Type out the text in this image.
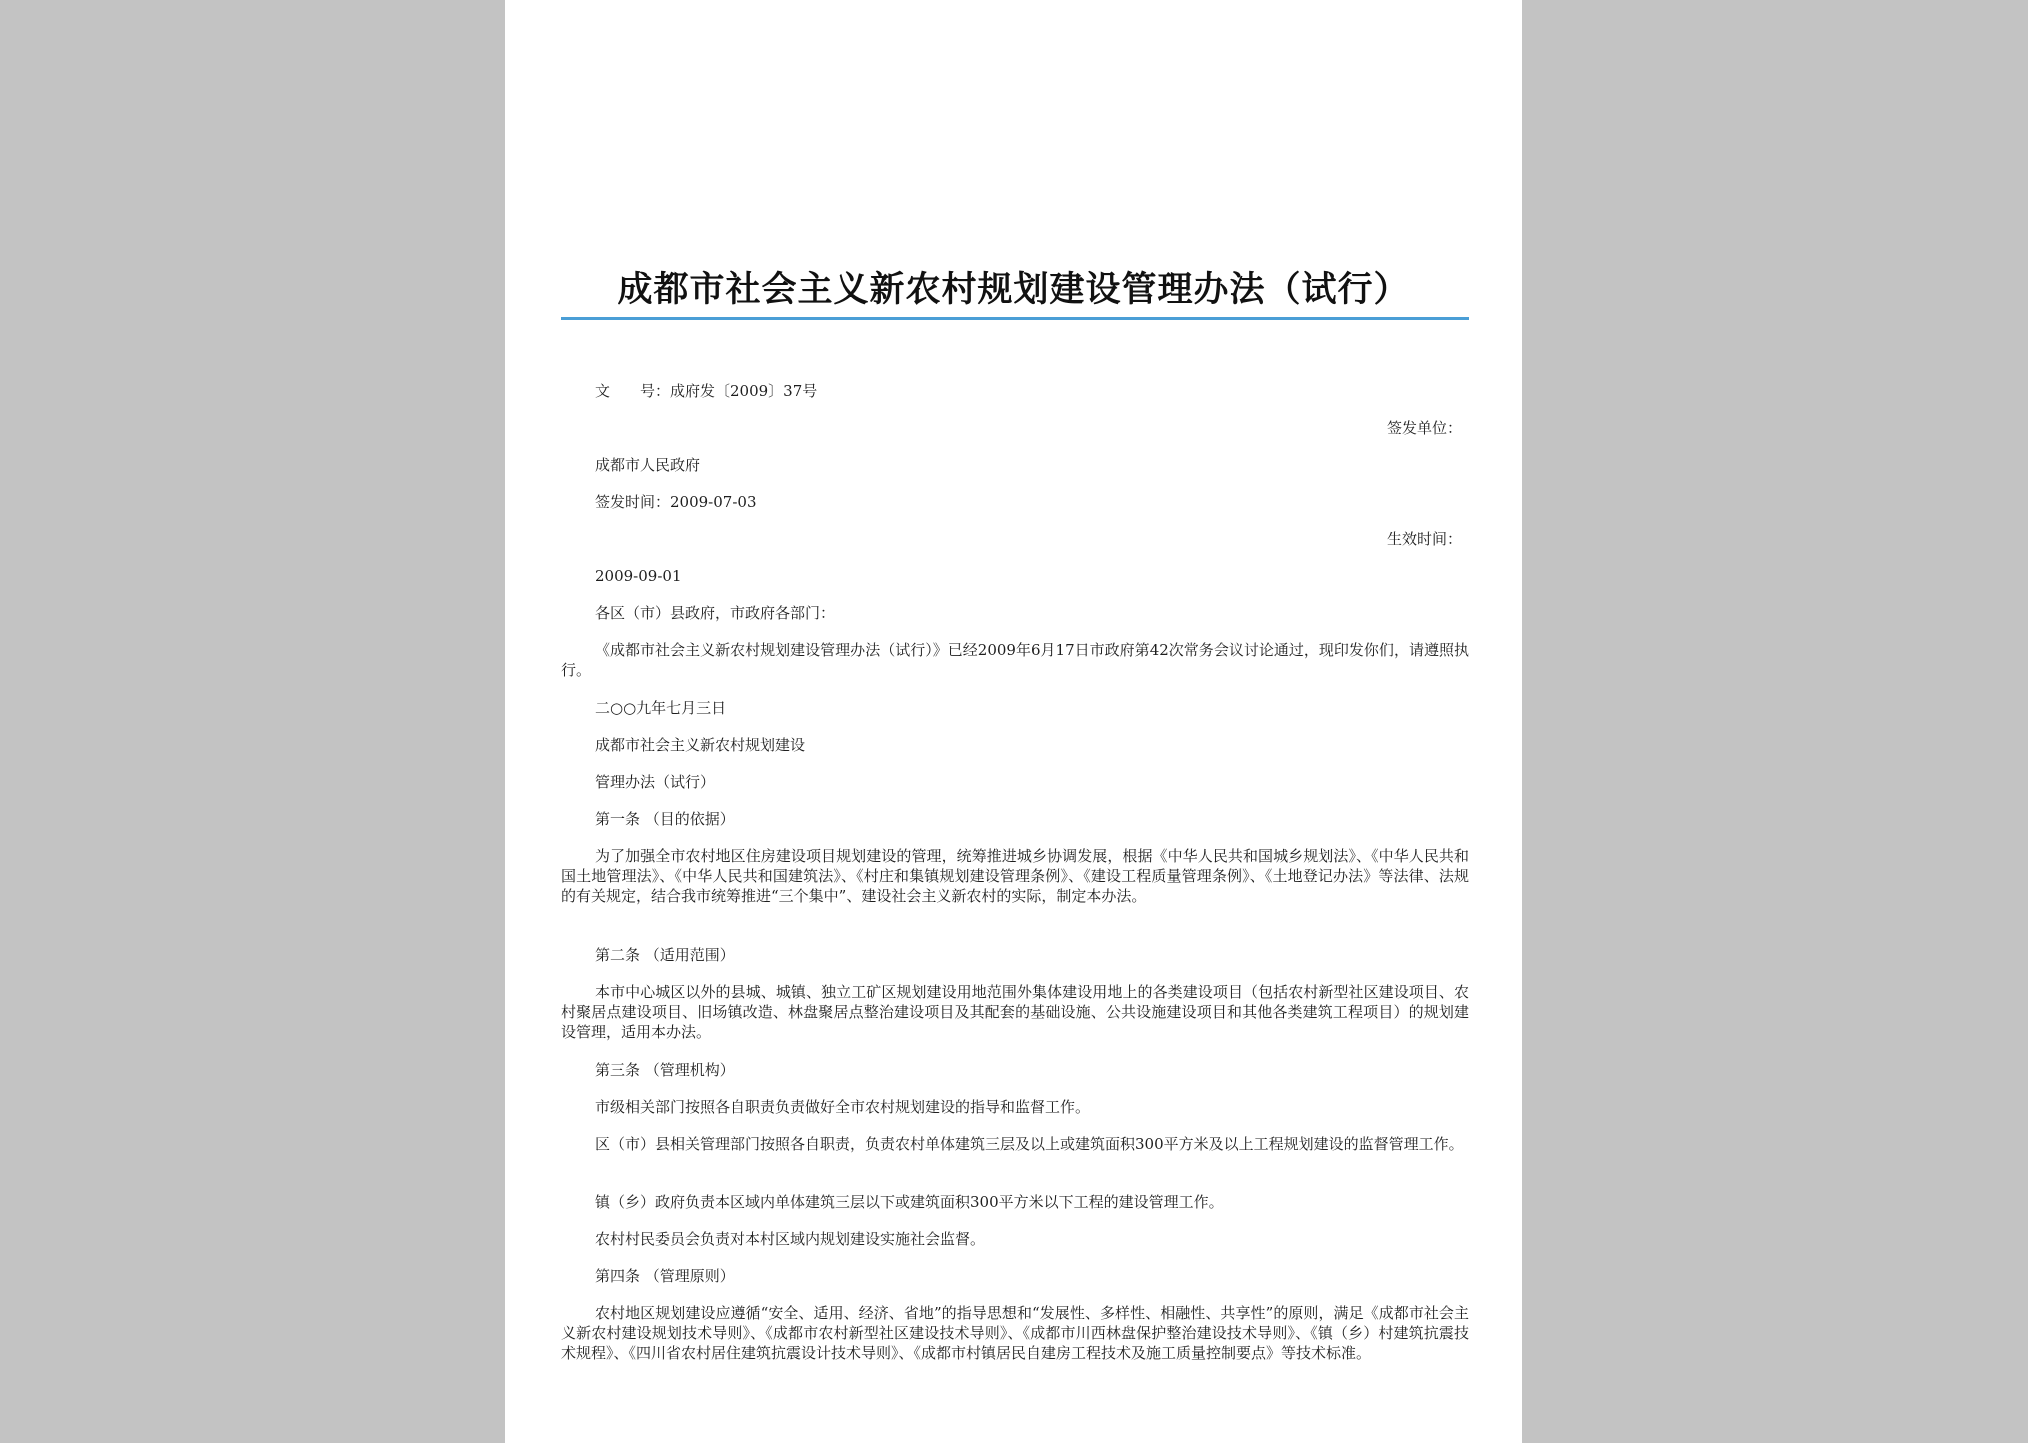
成都市社会主义新农村规划建设管理办法（试行）
文　　号：成府发〔2009〕37号
签发单位：
成都市人民政府
签发时间：2009-07-03
生效时间：
2009-09-01
各区（市）县政府，市政府各部门：
《成都市社会主义新农村规划建设管理办法（试行）》已经2009年6月17日市政府第42次常务会议讨论通过，现印发你们，请遵照执行。
二○○九年七月三日
成都市社会主义新农村规划建设
管理办法（试行）
第一条 （目的依据）
为了加强全市农村地区住房建设项目规划建设的管理，统筹推进城乡协调发展，根据《中华人民共和国城乡规划法》、《中华人民共和国土地管理法》、《中华人民共和国建筑法》、《村庄和集镇规划建设管理条例》、《建设工程质量管理条例》、《土地登记办法》等法律、法规的有关规定，结合我市统筹推进“三个集中”、建设社会主义新农村的实际，制定本办法。
第二条 （适用范围）
本市中心城区以外的县城、城镇、独立工矿区规划建设用地范围外集体建设用地上的各类建设项目（包括农村新型社区建设项目、农村聚居点建设项目、旧场镇改造、林盘聚居点整治建设项目及其配套的基础设施、公共设施建设项目和其他各类建筑工程项目）的规划建设管理，适用本办法。
第三条 （管理机构）
市级相关部门按照各自职责负责做好全市农村规划建设的指导和监督工作。
区（市）县相关管理部门按照各自职责，负责农村单体建筑三层及以上或建筑面积300平方米及以上工程规划建设的监督管理工作。
镇（乡）政府负责本区域内单体建筑三层以下或建筑面积300平方米以下工程的建设管理工作。
农村村民委员会负责对本村区域内规划建设实施社会监督。
第四条 （管理原则）
农村地区规划建设应遵循“安全、适用、经济、省地”的指导思想和“发展性、多样性、相融性、共享性”的原则，满足《成都市社会主义新农村建设规划技术导则》、《成都市农村新型社区建设技术导则》、《成都市川西林盘保护整治建设技术导则》、《镇（乡）村建筑抗震技术规程》、《四川省农村居住建筑抗震设计技术导则》、《成都市村镇居民自建房工程技术及施工质量控制要点》等技术标准。
